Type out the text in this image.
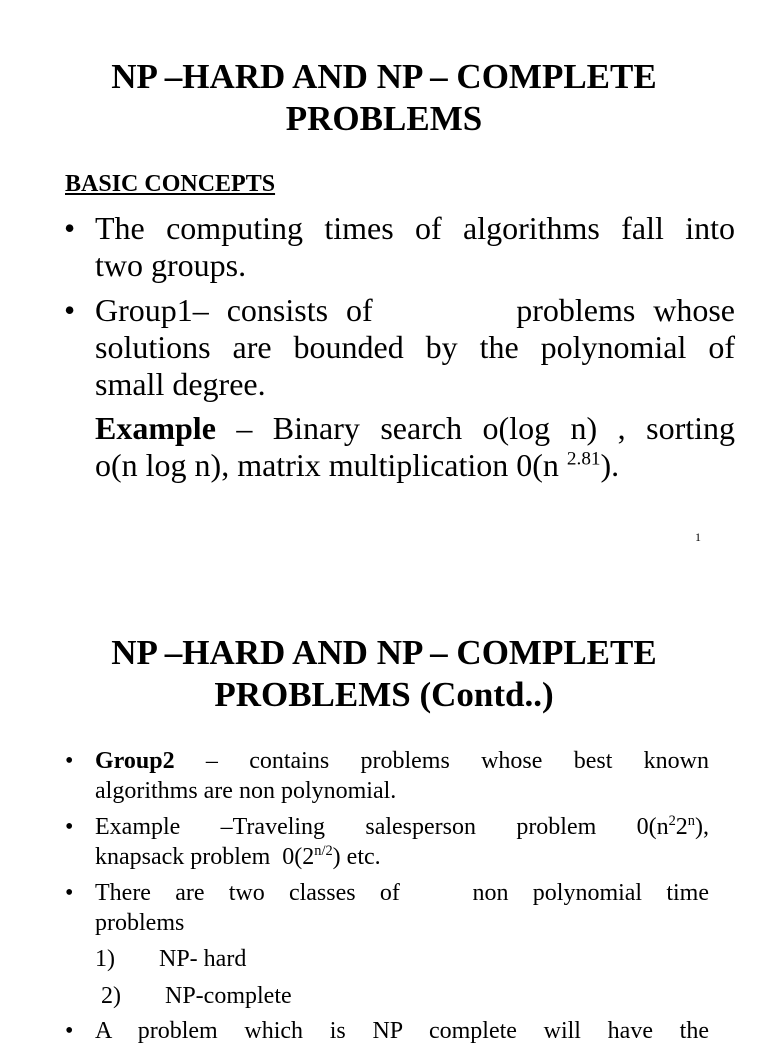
NP –HARD AND NP – COMPLETE
PROBLEMS
BASIC CONCEPTS
• The computing times of algorithms fall into
two groups.
• Group1– consists of        problems whose
solutions are bounded by the polynomial of
small degree.
Example – Binary search o(log n) , sorting
o(n log n), matrix multiplication 0(n $^{2.81}$).
1
NP –HARD AND NP – COMPLETE
PROBLEMS (Contd..)
• Group2 – contains problems whose best known
algorithms are non polynomial.
• Example –Traveling salesperson problem $0(n^22^n)$,
knapsack problem  $0(2^{n/2})$ etc.
• There are two classes of   non polynomial time
problems
1) NP- hard
2) NP-complete
• A problem which is NP complete will have the
